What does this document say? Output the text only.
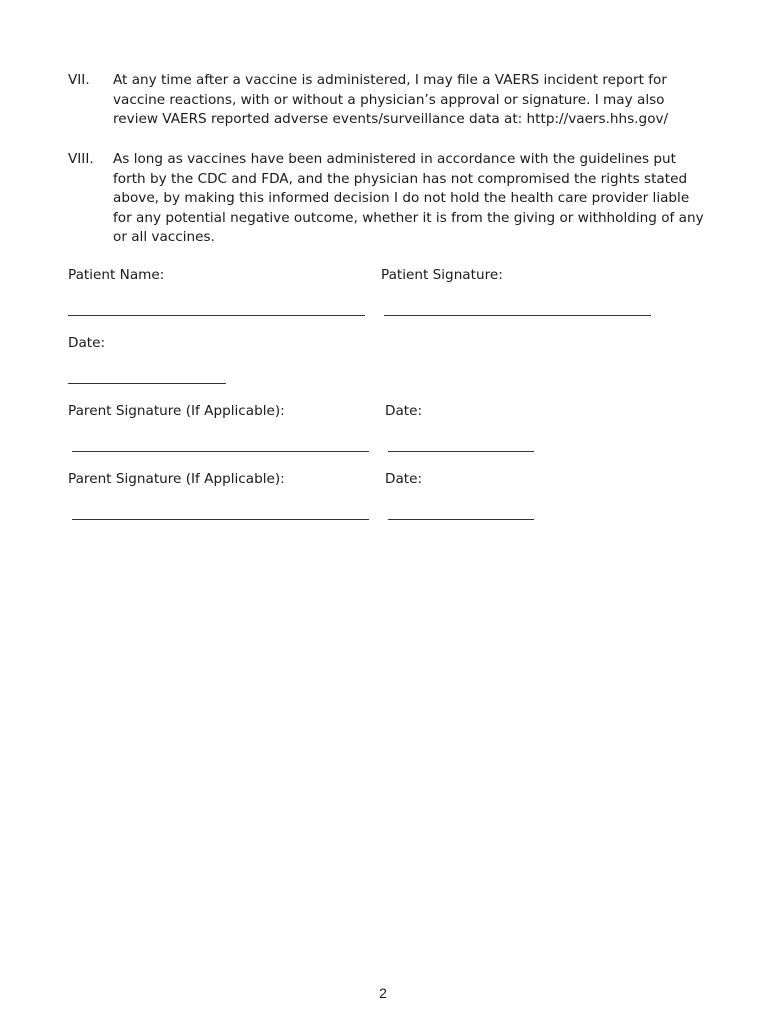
VII.	At any time after a vaccine is administered, I may file a VAERS incident report for vaccine reactions, with or without a physician’s approval or signature. I may also review VAERS reported adverse events/surveillance data at: http://vaers.hhs.gov/
VIII.	As long as vaccines have been administered in accordance with the guidelines put forth by the CDC and FDA, and the physician has not compromised the rights stated above, by making this informed decision I do not hold the health care provider liable for any potential negative outcome, whether it is from the giving or withholding of any or all vaccines.
Patient Name:	Patient Signature:
Date:
Parent Signature (If Applicable):	Date:
Parent Signature (If Applicable):	Date:
2
